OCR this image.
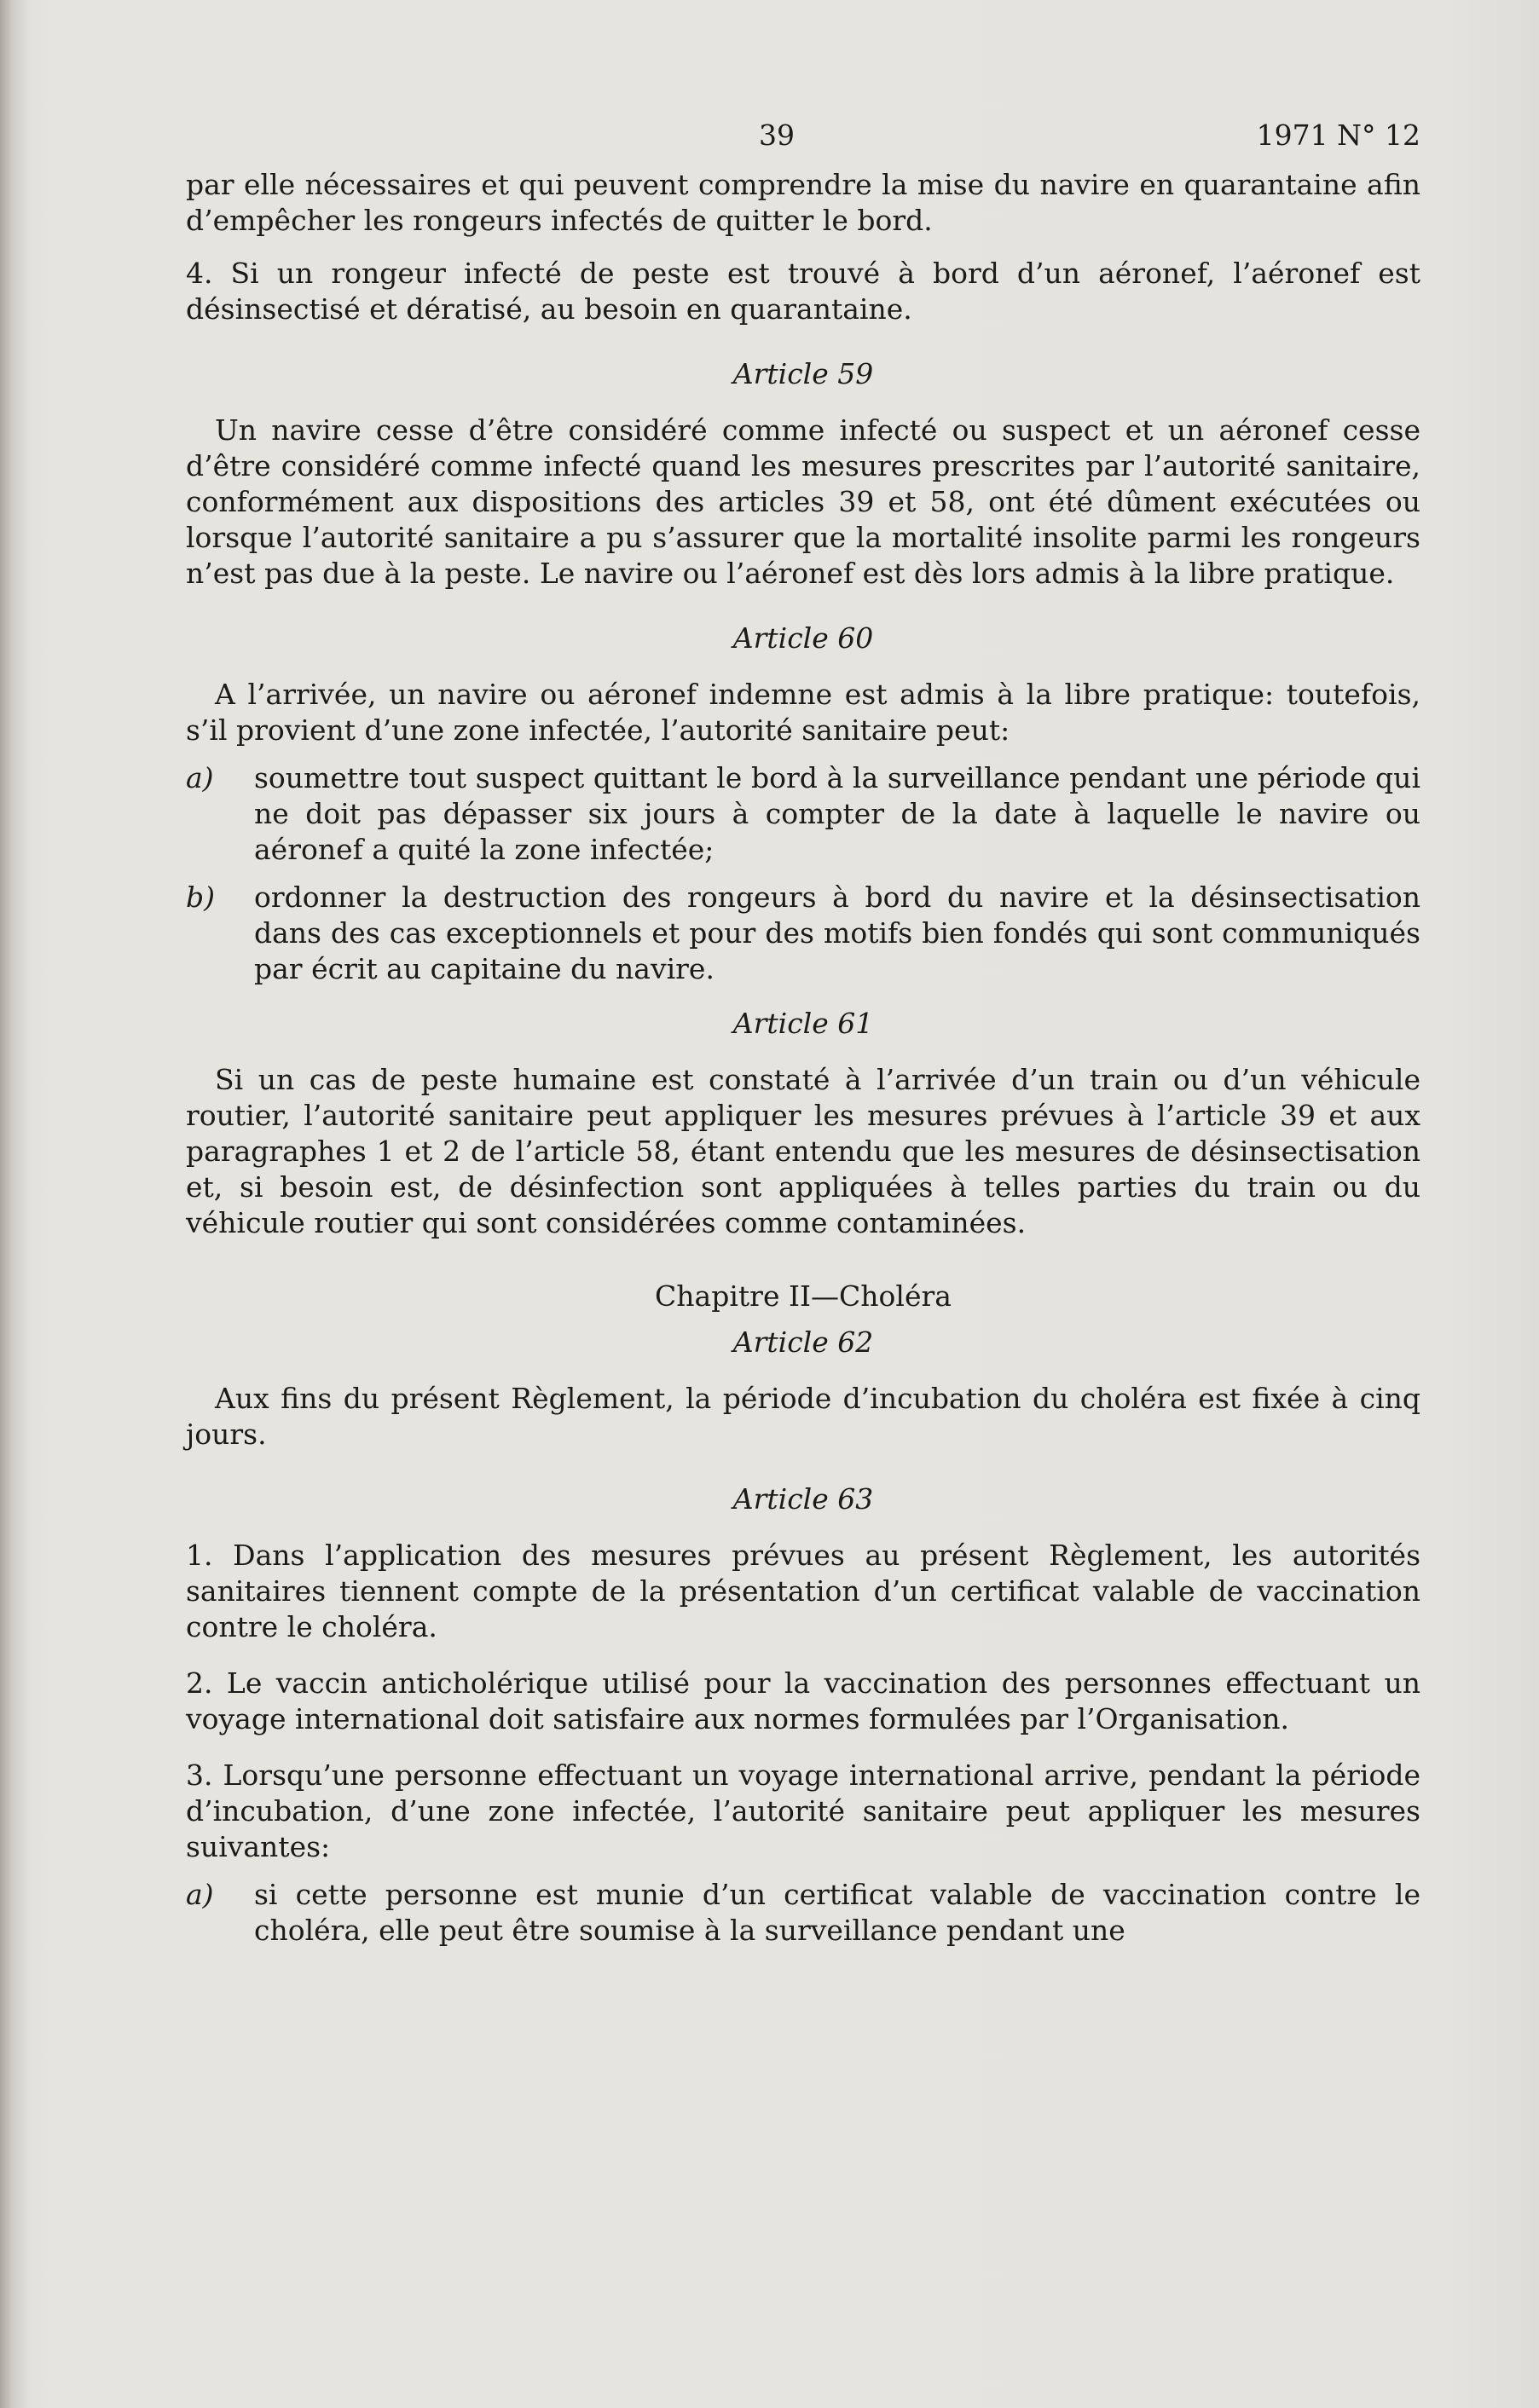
39	1971 N° 12

par elle nécessaires et qui peuvent comprendre la mise du navire en quarantaine afin d’empêcher les rongeurs infectés de quitter le bord.

4. Si un rongeur infecté de peste est trouvé à bord d’un aéronef, l’aéronef est désinsectisé et dératisé, au besoin en quarantaine.

Article 59

Un navire cesse d’être considéré comme infecté ou suspect et un aéronef cesse d’être considéré comme infecté quand les mesures prescrites par l’autorité sanitaire, conformément aux dispositions des articles 39 et 58, ont été dûment exécutées ou lorsque l’autorité sanitaire a pu s’assurer que la mortalité insolite parmi les rongeurs n’est pas due à la peste. Le navire ou l’aéronef est dès lors admis à la libre pratique.

Article 60

A l’arrivée, un navire ou aéronef indemne est admis à la libre pratique: toutefois, s’il provient d’une zone infectée, l’autorité sanitaire peut:

a) soumettre tout suspect quittant le bord à la surveillance pendant une période qui ne doit pas dépasser six jours à compter de la date à laquelle le navire ou aéronef a quité la zone infectée;
b) ordonner la destruction des rongeurs à bord du navire et la désinsectisation dans des cas exceptionnels et pour des motifs bien fondés qui sont communiqués par écrit au capitaine du navire.
Article 61

Si un cas de peste humaine est constaté à l’arrivée d’un train ou d’un véhicule routier, l’autorité sanitaire peut appliquer les mesures prévues à l’article 39 et aux paragraphes 1 et 2 de l’article 58, étant entendu que les mesures de désinsectisation et, si besoin est, de désinfection sont appliquées à telles parties du train ou du véhicule routier qui sont considérées comme contaminées.

Chapitre II—Choléra
Article 62

Aux fins du présent Règlement, la période d’incubation du choléra est fixée à cinq jours.

Article 63

1. Dans l’application des mesures prévues au présent Règlement, les autorités sanitaires tiennent compte de la présentation d’un certificat valable de vaccination contre le choléra.

2. Le vaccin anticholérique utilisé pour la vaccination des personnes effectuant un voyage international doit satisfaire aux normes formulées par l’Organisation.

3. Lorsqu’une personne effectuant un voyage international arrive, pendant la période d’incubation, d’une zone infectée, l’autorité sanitaire peut appliquer les mesures suivantes:

a) si cette personne est munie d’un certificat valable de vaccination contre le choléra, elle peut être soumise à la surveillance pendant une
